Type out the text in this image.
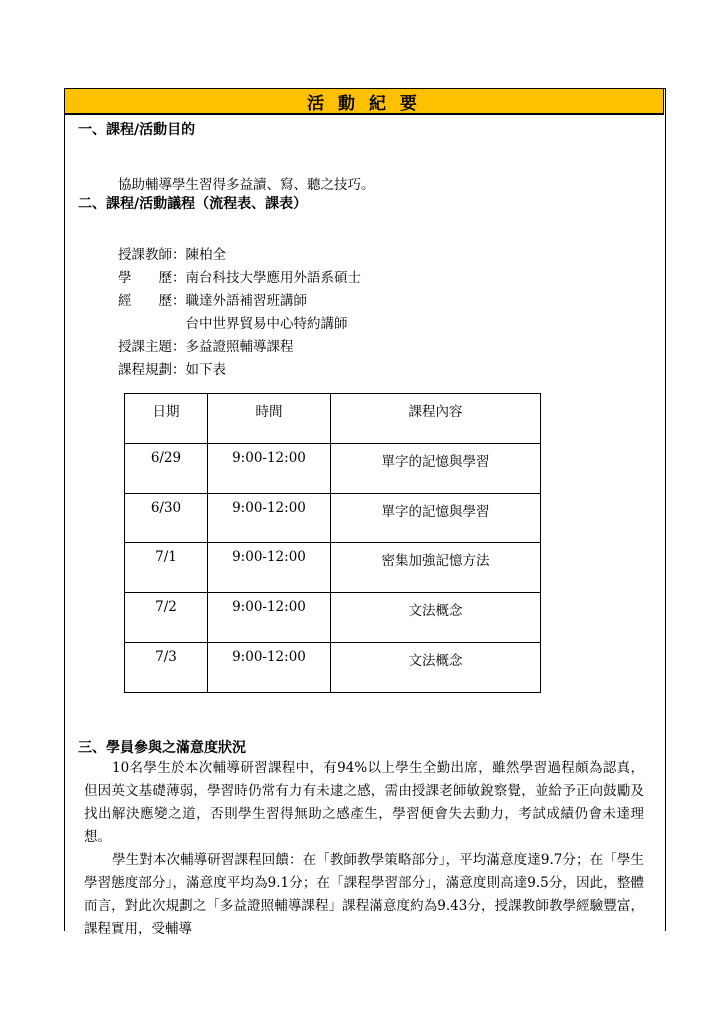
活 動 紀 要
一、課程/活動目的
協助輔導學生習得多益讀、寫、聽之技巧。
二、課程/活動議程（流程表、課表）
授課教師：陳柏全
學　　歷：南台科技大學應用外語系碩士
經　　歷：職達外語補習班講師
　　　　　台中世界貿易中心特約講師
授課主題：多益證照輔導課程
課程規劃：如下表
日期	時間	課程內容
6/29	9:00-12:00	單字的記憶與學習
6/30	9:00-12:00	單字的記憶與學習
7/1	9:00-12:00	密集加強記憶方法
7/2	9:00-12:00	文法概念
7/3	9:00-12:00	文法概念
三、學員參與之滿意度狀況

10名學生於本次輔導研習課程中，有94%以上學生全勤出席，雖然學習過程頗為認真，但因英文基礎薄弱，學習時仍常有力有未逮之感，需由授課老師敏銳察覺，並給予正向鼓勵及找出解決應變之道，否則學生習得無助之感產生，學習便會失去動力，考試成績仍會未達理想。

學生對本次輔導研習課程回饋：在「教師教學策略部分」，平均滿意度達9.7分；在「學生學習態度部分」，滿意度平均為9.1分；在「課程學習部分」，滿意度則高達9.5分，因此，整體而言，對此次規劃之「多益證照輔導課程」課程滿意度約為9.43分，授課教師教學經驗豐富，課程實用，受輔導
